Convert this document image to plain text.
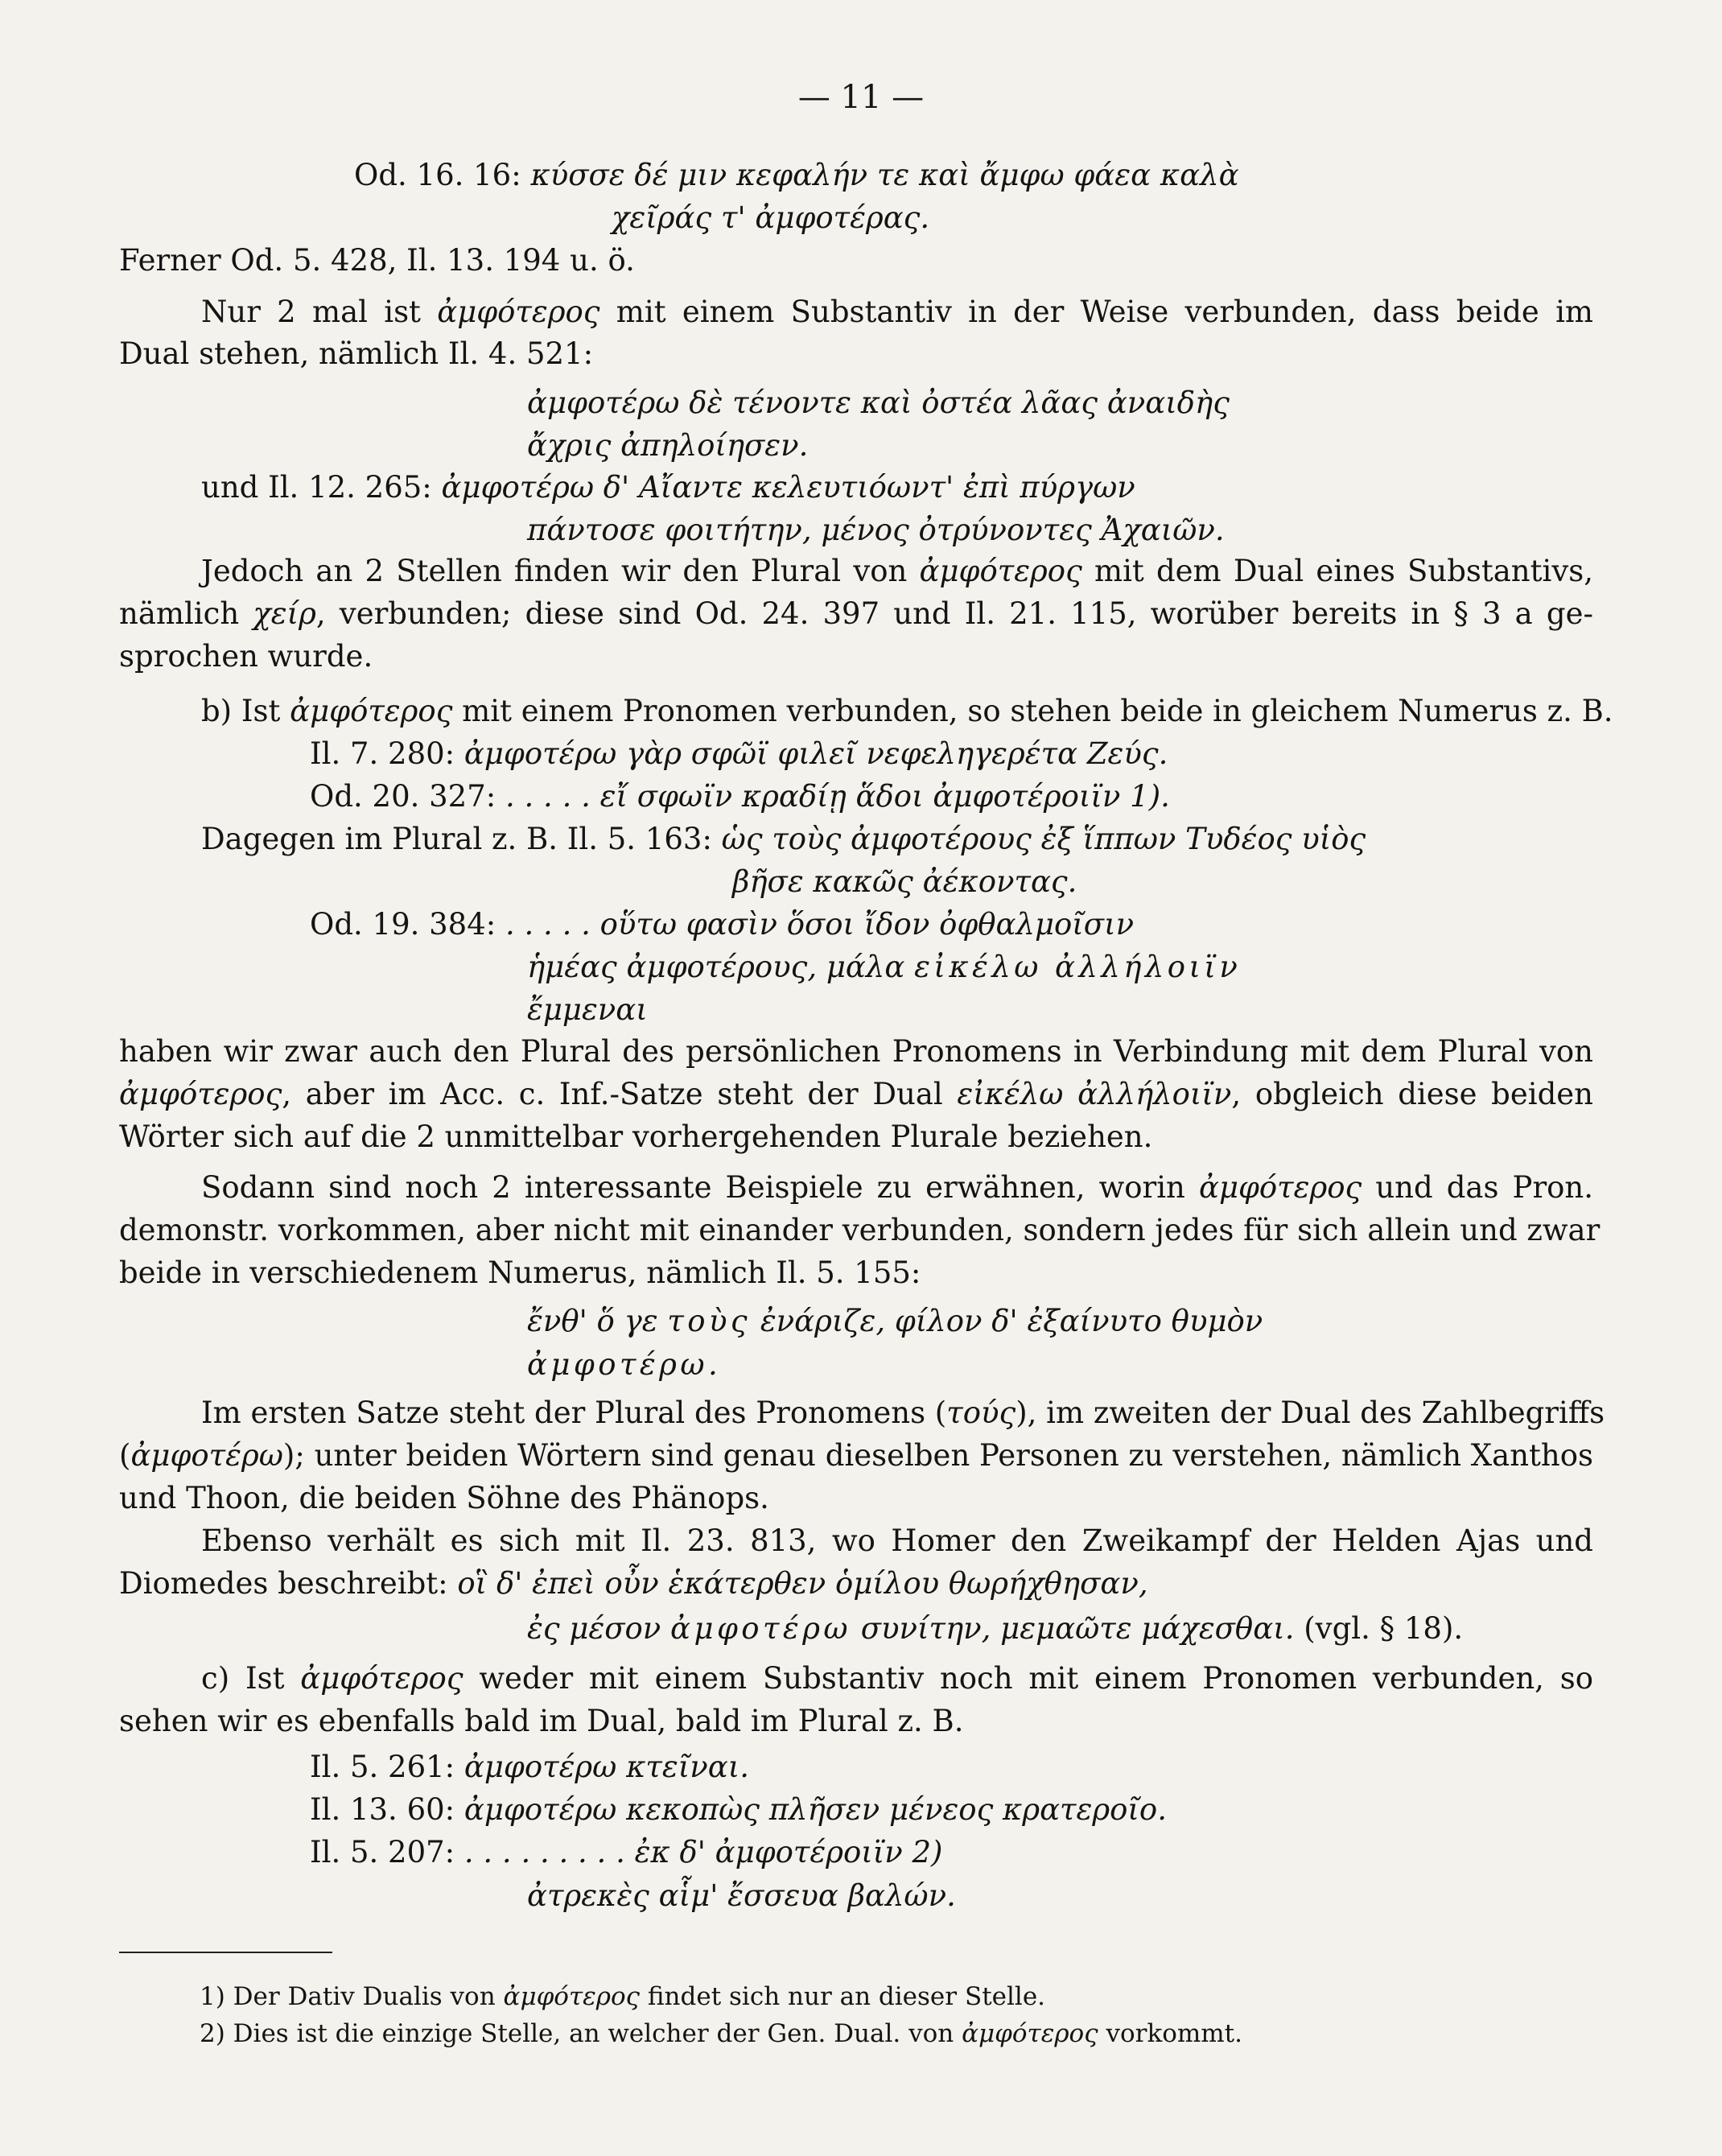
— 11 —
Od. 16. 16: κύσσε δέ μιν κεφαλήν τε καὶ ἄμφω φάεα καλὰ
χεῖράς τ' ἀμφοτέρας.
Ferner Od. 5. 428, Il. 13. 194 u. ö.
Nur 2 mal ist ἀμφότερος mit einem Substantiv in der Weise verbunden, dass beide im
Dual stehen, nämlich Il. 4. 521:
ἀμφοτέρω δὲ τένοντε καὶ ὀστέα λᾶας ἀναιδὴς
ἄχρις ἀπηλοίησεν.
und Il. 12. 265: ἀμφοτέρω δ' Αἴαντε κελευτιόωντ' ἐπὶ πύργων
πάντοσε φοιτήτην, μένος ὀτρύνοντες Ἀχαιῶν.
Jedoch an 2 Stellen finden wir den Plural von ἀμφότερος mit dem Dual eines Substantivs,
nämlich χείρ, verbunden; diese sind Od. 24. 397 und Il. 21. 115, worüber bereits in § 3 a ge-
sprochen wurde.
b) Ist ἀμφότερος mit einem Pronomen verbunden, so stehen beide in gleichem Numerus z. B.
Il. 7. 280: ἀμφοτέρω γὰρ σφῶϊ φιλεῖ νεφεληγερέτα Ζεύς.
Od. 20. 327: . . . . . εἴ σφωϊν κραδίῃ ἅδοι ἀμφοτέροιϊν 1).
Dagegen im Plural z. B. Il. 5. 163: ὡς τοὺς ἀμφοτέρους ἐξ ἵππων Τυδέος υἱὸς
βῆσε κακῶς ἀέκοντας.
Od. 19. 384: . . . . . οὕτω φασὶν ὅσοι ἴδον ὀφθαλμοῖσιν
ἡμέας ἀμφοτέρους, μάλα εἰκέλω ἀλλήλοιϊν
ἔμμεναι
haben wir zwar auch den Plural des persönlichen Pronomens in Verbindung mit dem Plural von
ἀμφότερος, aber im Acc. c. Inf.-Satze steht der Dual εἰκέλω ἀλλήλοιϊν, obgleich diese beiden
Wörter sich auf die 2 unmittelbar vorhergehenden Plurale beziehen.
Sodann sind noch 2 interessante Beispiele zu erwähnen, worin ἀμφότερος und das Pron.
demonstr. vorkommen, aber nicht mit einander verbunden, sondern jedes für sich allein und zwar
beide in verschiedenem Numerus, nämlich Il. 5. 155:
ἔνθ' ὅ γε τοὺς ἐνάριζε, φίλον δ' ἐξαίνυτο θυμὸν
ἀμφοτέρω.
Im ersten Satze steht der Plural des Pronomens (τούς), im zweiten der Dual des Zahlbegriffs
(ἀμφοτέρω); unter beiden Wörtern sind genau dieselben Personen zu verstehen, nämlich Xanthos
und Thoon, die beiden Söhne des Phänops.
Ebenso verhält es sich mit Il. 23. 813, wo Homer den Zweikampf der Helden Ajas und
Diomedes beschreibt: οἳ δ' ἐπεὶ οὖν ἑκάτερθεν ὁμίλου θωρήχθησαν,
ἐς μέσον ἀμφοτέρω συνίτην, μεμαῶτε μάχεσθαι. (vgl. § 18).
c) Ist ἀμφότερος weder mit einem Substantiv noch mit einem Pronomen verbunden, so
sehen wir es ebenfalls bald im Dual, bald im Plural z. B.
Il. 5. 261: ἀμφοτέρω κτεῖναι.
Il. 13. 60: ἀμφοτέρω κεκοπὼς πλῆσεν μένεος κρατεροῖο.
Il. 5. 207: . . . . . . . . . ἐκ δ' ἀμφοτέροιϊν 2)
ἀτρεκὲς αἷμ' ἔσσευα βαλών.
1) Der Dativ Dualis von ἀμφότερος findet sich nur an dieser Stelle.
2) Dies ist die einzige Stelle, an welcher der Gen. Dual. von ἀμφότερος vorkommt.
